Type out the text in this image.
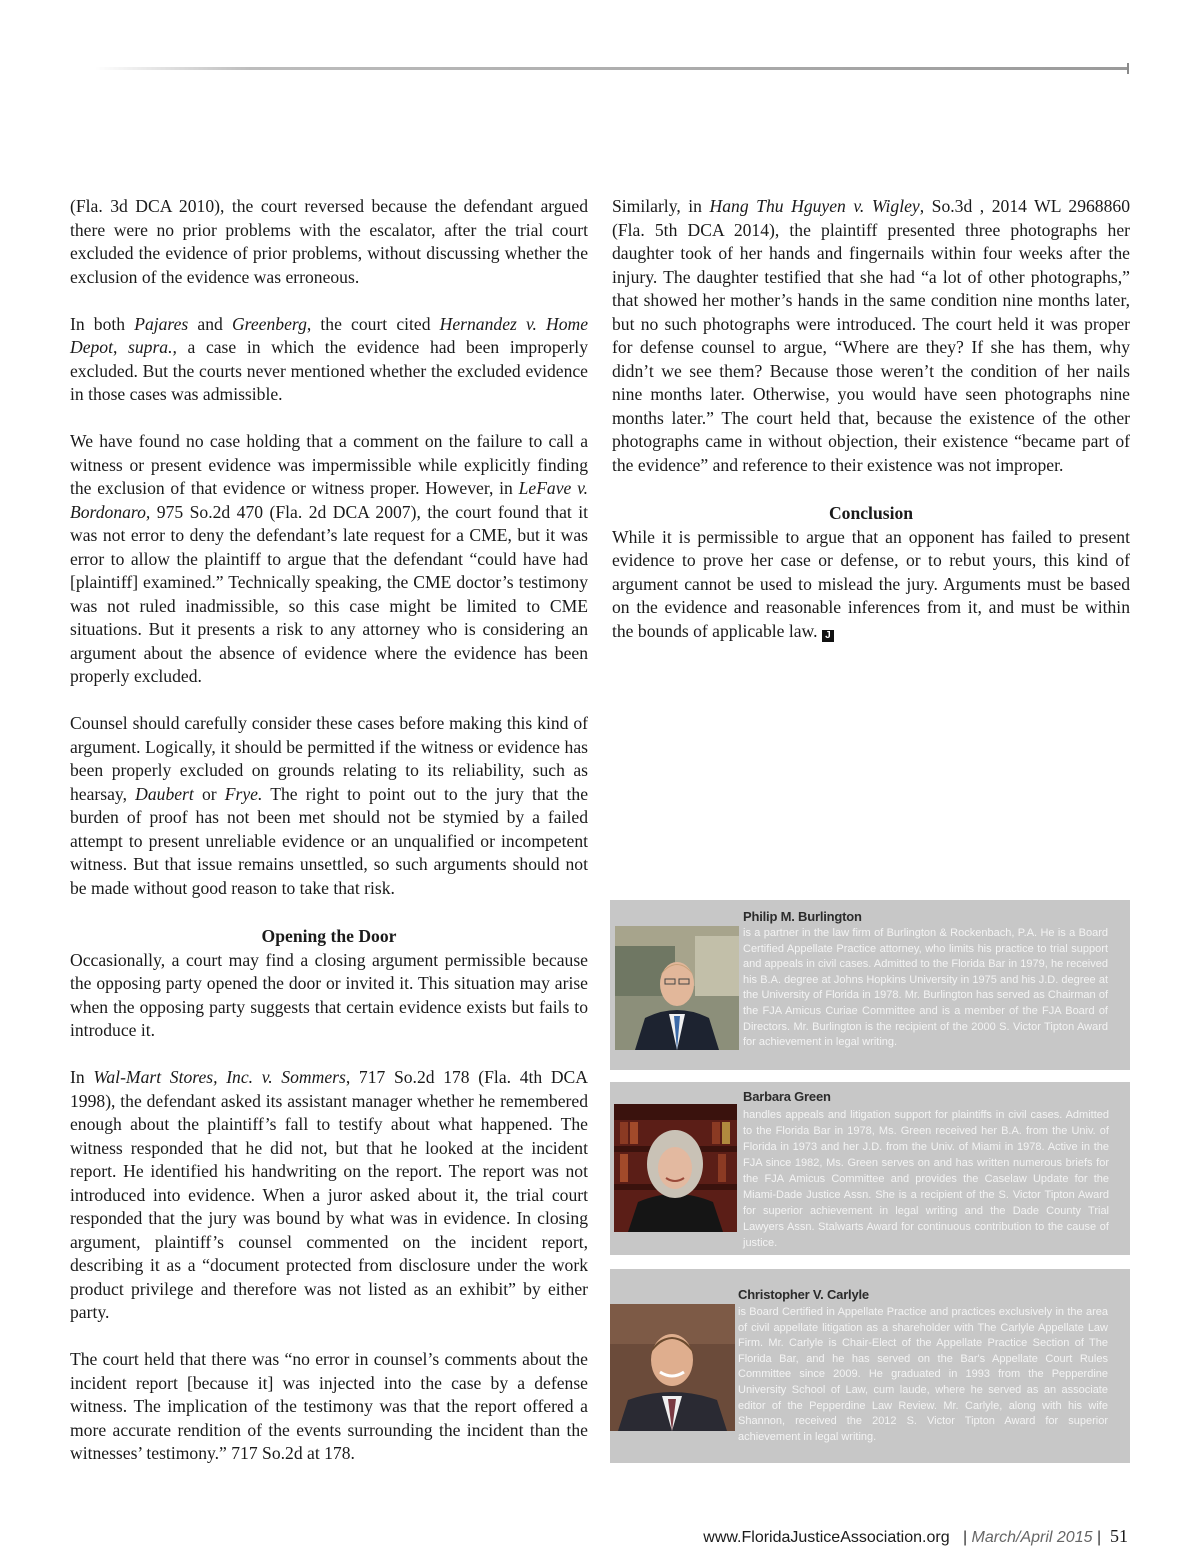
(Fla. 3d DCA 2010), the court reversed because the defendant argued there were no prior problems with the escalator, after the trial court excluded the evidence of prior problems, without discussing whether the exclusion of the evidence was erroneous.

In both Pajares and Greenberg, the court cited Hernandez v. Home Depot, supra., a case in which the evidence had been improperly excluded. But the courts never mentioned whether the excluded evidence in those cases was admissible.

We have found no case holding that a comment on the failure to call a witness or present evidence was impermissible while explicitly finding the exclusion of that evidence or witness proper. However, in LeFave v. Bordonaro, 975 So.2d 470 (Fla. 2d DCA 2007), the court found that it was not error to deny the defendant’s late request for a CME, but it was error to allow the plaintiff to argue that the defendant “could have had [plaintiff] examined.” Technically speaking, the CME doctor’s testimony was not ruled inadmissible, so this case might be limited to CME situations. But it presents a risk to any attorney who is considering an argument about the absence of evidence where the evidence has been properly excluded.

Counsel should carefully consider these cases before making this kind of argument. Logically, it should be permitted if the witness or evidence has been properly excluded on grounds relating to its reliability, such as hearsay, Daubert or Frye. The right to point out to the jury that the burden of proof has not been met should not be stymied by a failed attempt to present unreliable evidence or an unqualified or incompetent witness. But that issue remains unsettled, so such arguments should not be made without good reason to take that risk.

Opening the Door

Occasionally, a court may find a closing argument permissible because the opposing party opened the door or invited it. This situation may arise when the opposing party suggests that certain evidence exists but fails to introduce it.

In Wal-Mart Stores, Inc. v. Sommers, 717 So.2d 178 (Fla. 4th DCA 1998), the defendant asked its assistant manager whether he remembered enough about the plaintiff’s fall to testify about what happened. The witness responded that he did not, but that he looked at the incident report. He identified his handwriting on the report. The report was not introduced into evidence. When a juror asked about it, the trial court responded that the jury was bound by what was in evidence. In closing argument, plaintiff’s counsel commented on the incident report, describing it as a “document protected from disclosure under the work product privilege and therefore was not listed as an exhibit” by either party.

The court held that there was “no error in counsel’s comments about the incident report [because it] was injected into the case by a defense witness. The implication of the testimony was that the report offered a more accurate rendition of the events surrounding the incident than the witnesses’ testimony.” 717 So.2d at 178.

Similarly, in Hang Thu Hguyen v. Wigley, So.3d , 2014 WL 2968860 (Fla. 5th DCA 2014), the plaintiff presented three photographs her daughter took of her hands and fingernails within four weeks after the injury. The daughter testified that she had “a lot of other photographs,” that showed her mother’s hands in the same condition nine months later, but no such photographs were introduced. The court held it was proper for defense counsel to argue, “Where are they? If she has them, why didn’t we see them? Because those weren’t the condition of her nails nine months later. Otherwise, you would have seen photographs nine months later.” The court held that, because the existence of the other photographs came in without objection, their existence “became part of the evidence” and reference to their existence was not improper.

Conclusion

While it is permissible to argue that an opponent has failed to present evidence to prove her case or defense, or to rebut yours, this kind of argument cannot be used to mislead the jury. Arguments must be based on the evidence and reasonable inferences from it, and must be within the bounds of applicable law. J

Philip M. Burlington
is a partner in the law firm of Burlington & Rockenbach, P.A. He is a Board Certified Appellate Practice attorney, who limits his practice to trial support and appeals in civil cases. Admitted to the Florida Bar in 1979, he received his B.A. degree at Johns Hopkins University in 1975 and his J.D. degree at the University of Florida in 1978. Mr. Burlington has served as Chairman of the FJA Amicus Curiae Committee and is a member of the FJA Board of Directors. Mr. Burlington is the recipient of the 2000 S. Victor Tipton Award for achievement in legal writing.
Barbara Green
handles appeals and litigation support for plaintiffs in civil cases. Admitted to the Florida Bar in 1978, Ms. Green received her B.A. from the Univ. of Florida in 1973 and her J.D. from the Univ. of Miami in 1978. Active in the FJA since 1982, Ms. Green serves on and has written numerous briefs for the FJA Amicus Committee and provides the Caselaw Update for the Miami-Dade Justice Assn. She is a recipient of the S. Victor Tipton Award for superior achievement in legal writing and the Dade County Trial Lawyers Assn. Stalwarts Award for continuous contribution to the cause of justice.
Christopher V. Carlyle
is Board Certified in Appellate Practice and practices exclusively in the area of civil appellate litigation as a shareholder with The Carlyle Appellate Law Firm. Mr. Carlyle is Chair-Elect of the Appellate Practice Section of The Florida Bar, and he has served on the Bar's Appellate Court Rules Committee since 2009. He graduated in 1993 from the Pepperdine University School of Law, cum laude, where he served as an associate editor of the Pepperdine Law Review. Mr. Carlyle, along with his wife Shannon, received the 2012 S. Victor Tipton Award for superior achievement in legal writing.
www.FloridaJusticeAssociation.org | March/April 2015 | 51
